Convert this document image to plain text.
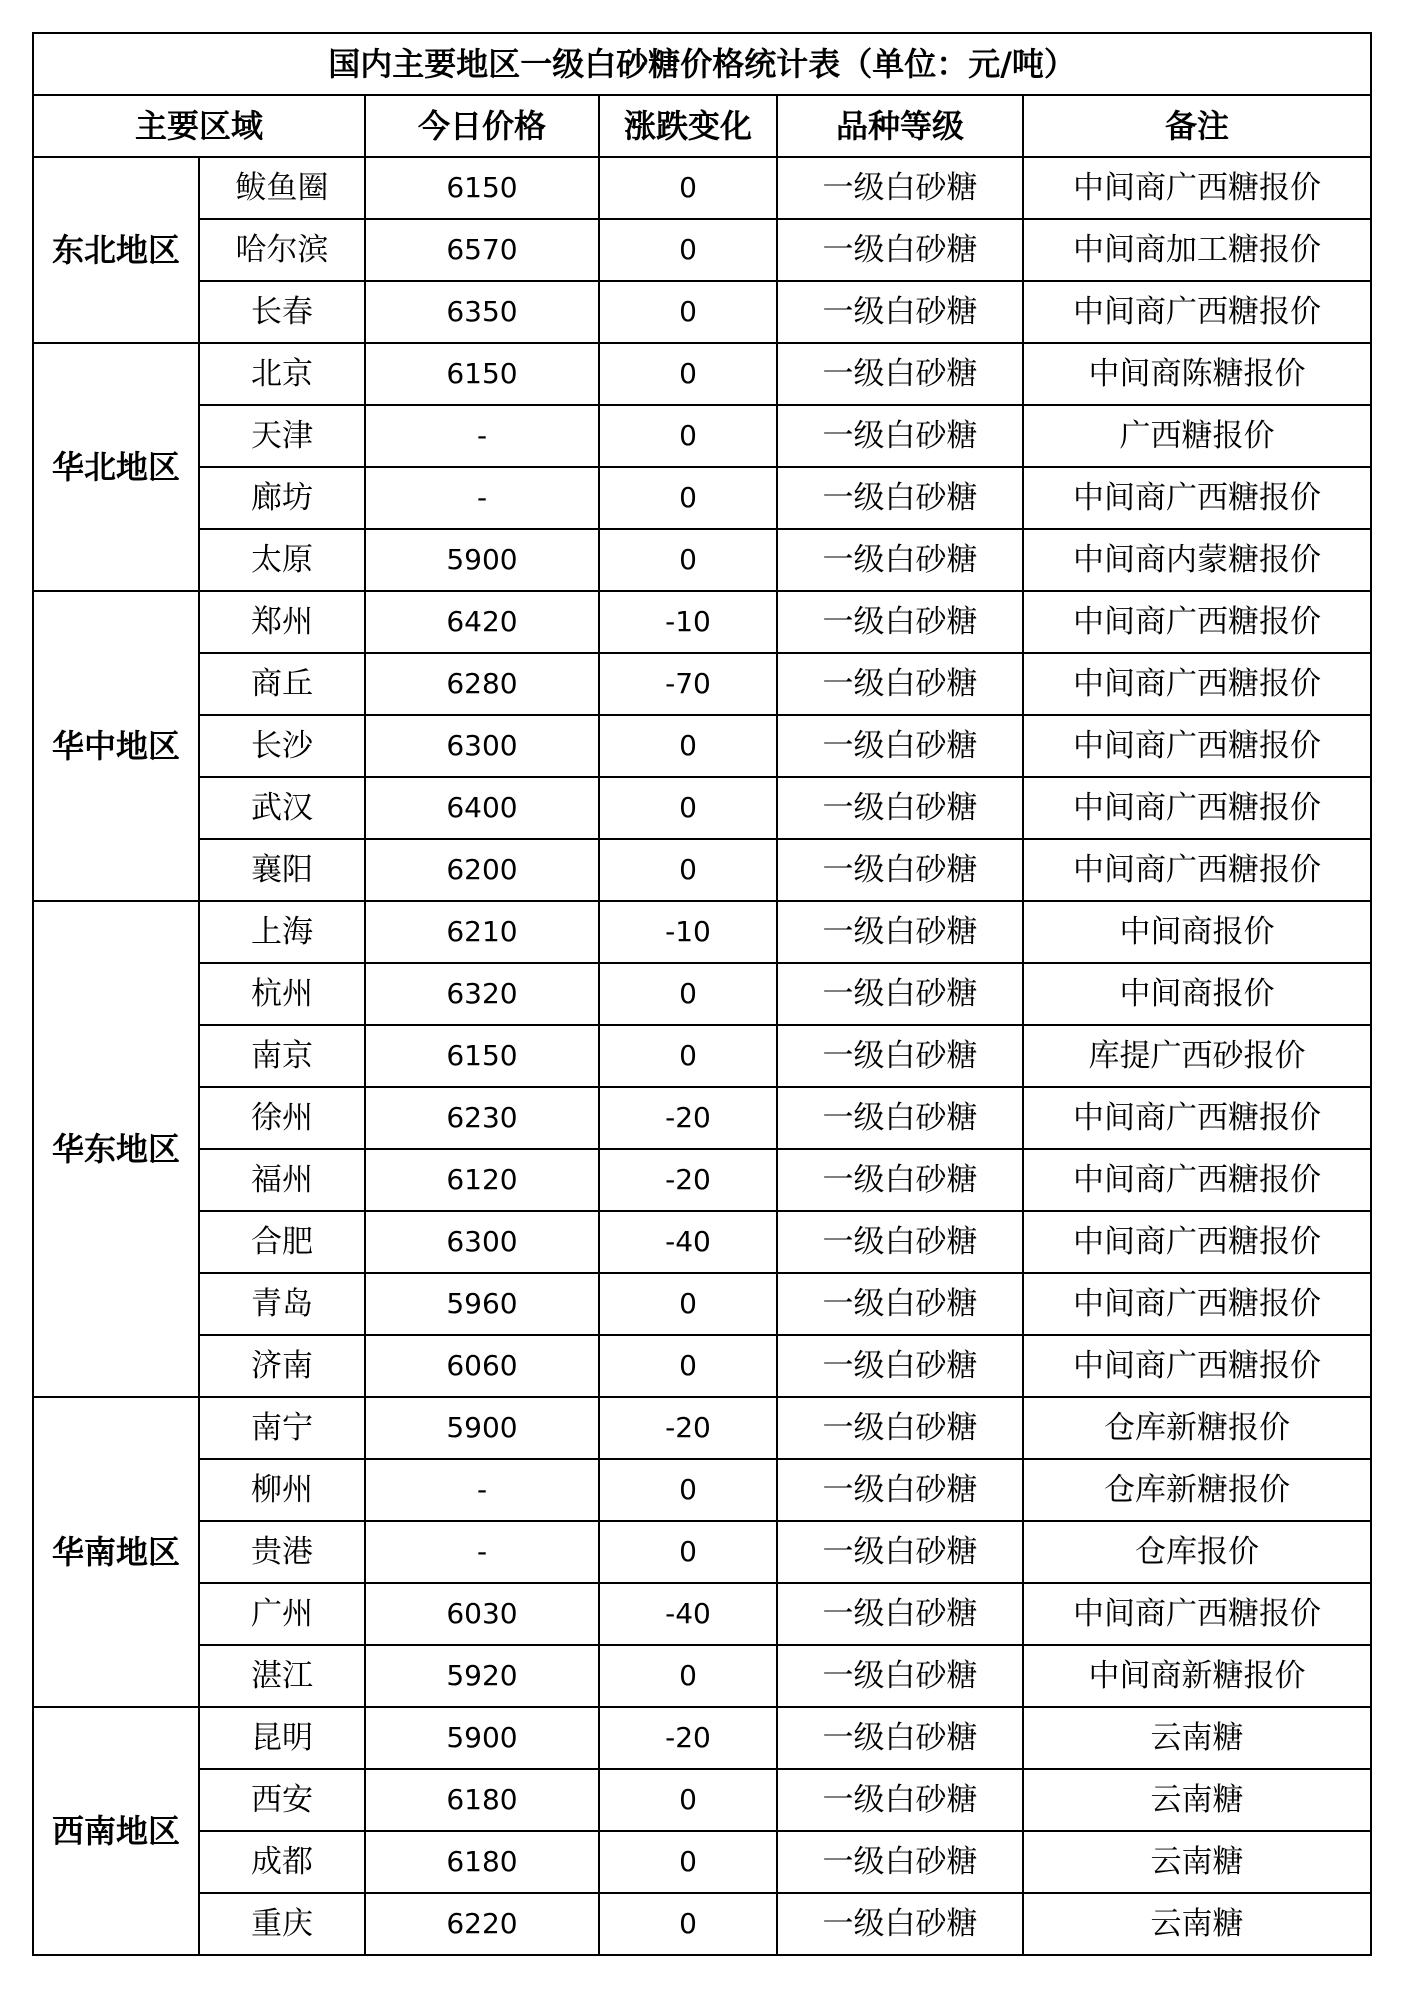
国内主要地区一级白砂糖价格统计表（单位：元/吨）					
主要区域		今日价格	涨跌变化	品种等级	备注
东北地区	鲅鱼圈	6150	0	一级白砂糖	中间商广西糖报价
	哈尔滨	6570	0	一级白砂糖	中间商加工糖报价
	长春	6350	0	一级白砂糖	中间商广西糖报价
华北地区	北京	6150	0	一级白砂糖	中间商陈糖报价
	天津	-	0	一级白砂糖	广西糖报价
	廊坊	-	0	一级白砂糖	中间商广西糖报价
	太原	5900	0	一级白砂糖	中间商内蒙糖报价
华中地区	郑州	6420	-10	一级白砂糖	中间商广西糖报价
	商丘	6280	-70	一级白砂糖	中间商广西糖报价
	长沙	6300	0	一级白砂糖	中间商广西糖报价
	武汉	6400	0	一级白砂糖	中间商广西糖报价
	襄阳	6200	0	一级白砂糖	中间商广西糖报价
华东地区	上海	6210	-10	一级白砂糖	中间商报价
	杭州	6320	0	一级白砂糖	中间商报价
	南京	6150	0	一级白砂糖	库提广西砂报价
	徐州	6230	-20	一级白砂糖	中间商广西糖报价
	福州	6120	-20	一级白砂糖	中间商广西糖报价
	合肥	6300	-40	一级白砂糖	中间商广西糖报价
	青岛	5960	0	一级白砂糖	中间商广西糖报价
	济南	6060	0	一级白砂糖	中间商广西糖报价
华南地区	南宁	5900	-20	一级白砂糖	仓库新糖报价
	柳州	-	0	一级白砂糖	仓库新糖报价
	贵港	-	0	一级白砂糖	仓库报价
	广州	6030	-40	一级白砂糖	中间商广西糖报价
	湛江	5920	0	一级白砂糖	中间商新糖报价
西南地区	昆明	5900	-20	一级白砂糖	云南糖
	西安	6180	0	一级白砂糖	云南糖
	成都	6180	0	一级白砂糖	云南糖
	重庆	6220	0	一级白砂糖	云南糖
